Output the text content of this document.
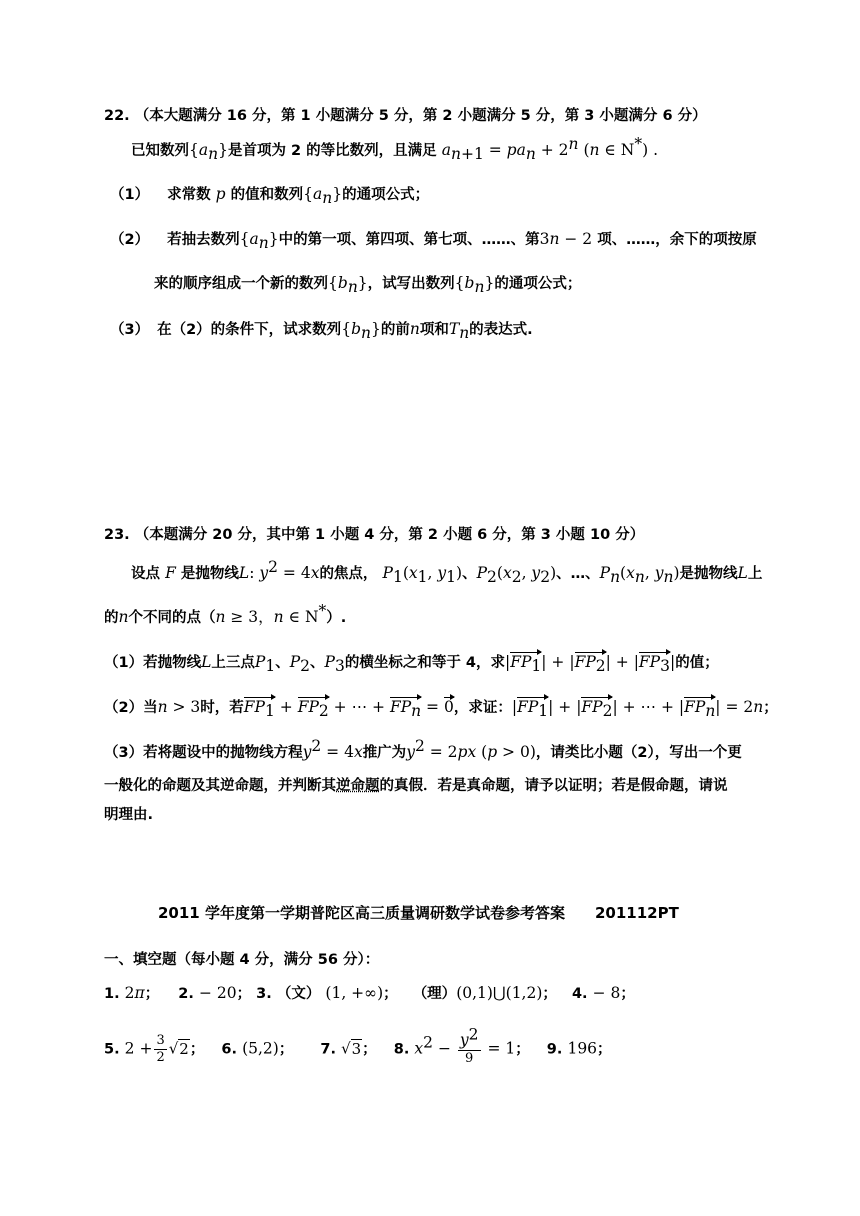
22. （本大题满分 16 分，第 1 小题满分 5 分，第 2 小题满分 5 分，第 3 小题满分 6 分）
已知数列$\{a_n\}$是首项为 2 的等比数列，且满足 $a_{n+1} = pa_n + 2^n$ (n ∈ N*) .
（1） 求常数 p 的值和数列$\{a_n\}$的通项公式；
（2） 若抽去数列$\{a_n\}$中的第一项、第四项、第七项、……、第3n − 2 项、……，余下的项按原
来的顺序组成一个新的数列$\{b_n\}$，试写出数列$\{b_n\}$的通项公式；
（3） 在（2）的条件下，试求数列$\{b_n\}$的前n项和$T_n$的表达式.
23. （本题满分 20 分，其中第 1 小题 4 分，第 2 小题 6 分，第 3 小题 10 分）
设点 F 是抛物线L: $y^2 = 4x$的焦点， $P_1(x_1$, $y_1$)、$P_2(x_2$, $y_2$)、…、$P_n(x_n$, $y_n$)是抛物线L上
的n个不同的点（n ≥ 3，n ∈ N*）.
（1）若抛物线L上三点$P_1$、$P_2$、$P_3$的横坐标之和等于 4，求$|FP_1| + |FP_2| + |FP_3|$的值；
（2）当n > 3时，若$FP_1 + FP_2$ + ⋯ + $FP_n = 0$，求证：$|FP_1| + |FP_2|$ + ⋯ + $|FP_n| = 2n$；
（3）若将题设中的抛物线方程$y^2 = 4x$推广为$y^2 = 2px$ (p > 0)，请类比小题（2），写出一个更
一般化的命题及其逆命题，并判断其逆命题的真假．若是真命题，请予以证明；若是假命题，请说
明理由.
2011 学年度第一学期普陀区高三质量调研数学试卷参考答案 201112PT
一、填空题（每小题 4 分，满分 56 分）：
1. 2π； 2. − 20； 3. （文） (1, +∞)； （理）(0,1)⋃(1,2)； 4. − 8；
5. $2 + \frac{3}{2} √2$； 6. (5,2)； 7. √3； 8. $x^2 - \frac{y^2}{9} = 1$； 9. 196；
